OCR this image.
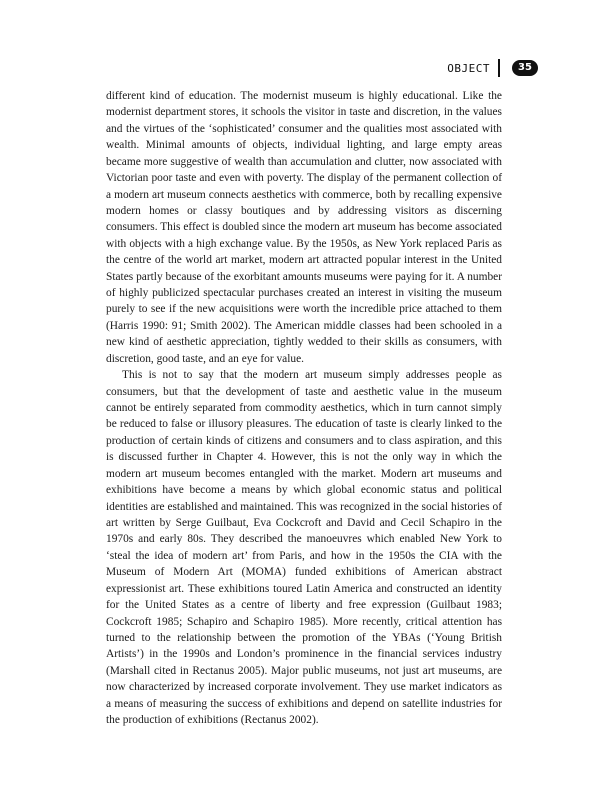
OBJECT	35

different kind of education. The modernist museum is highly educational. Like the modernist department stores, it schools the visitor in taste and discretion, in the values and the virtues of the ‘sophisticated’ consumer and the qualities most associated with wealth. Minimal amounts of objects, individual lighting, and large empty areas became more suggestive of wealth than accumulation and clutter, now associated with Victorian poor taste and even with poverty. The display of the permanent collection of a modern art museum connects aesthetics with commerce, both by recalling expensive modern homes or classy boutiques and by addressing visitors as discerning consumers. This effect is doubled since the modern art museum has become associated with objects with a high exchange value. By the 1950s, as New York replaced Paris as the centre of the world art market, modern art attracted popular interest in the United States partly because of the exorbitant amounts museums were paying for it. A number of highly publicized spectacular purchases created an interest in visiting the museum purely to see if the new acquisitions were worth the incredible price attached to them (Harris 1990: 91; Smith 2002). The American middle classes had been schooled in a new kind of aesthetic appreciation, tightly wedded to their skills as consumers, with discretion, good taste, and an eye for value.

This is not to say that the modern art museum simply addresses people as consumers, but that the development of taste and aesthetic value in the museum cannot be entirely separated from commodity aesthetics, which in turn cannot simply be reduced to false or illusory pleasures. The education of taste is clearly linked to the production of certain kinds of citizens and consumers and to class aspiration, and this is discussed further in Chapter 4. However, this is not the only way in which the modern art museum becomes entangled with the market. Modern art museums and exhibitions have become a means by which global economic status and political identities are established and maintained. This was recognized in the social histories of art written by Serge Guilbaut, Eva Cockcroft and David and Cecil Schapiro in the 1970s and early 80s. They described the manoeuvres which enabled New York to ‘steal the idea of modern art’ from Paris, and how in the 1950s the CIA with the Museum of Modern Art (MOMA) funded exhibitions of American abstract expressionist art. These exhibitions toured Latin America and constructed an identity for the United States as a centre of liberty and free expression (Guilbaut 1983; Cockcroft 1985; Schapiro and Schapiro 1985). More recently, critical attention has turned to the relationship between the promotion of the YBAs (‘Young British Artists’) in the 1990s and London’s prominence in the financial services industry (Marshall cited in Rectanus 2005). Major public museums, not just art museums, are now characterized by increased corporate involvement. They use market indicators as a means of measuring the success of exhibitions and depend on satellite industries for the production of exhibitions (Rectanus 2002).
